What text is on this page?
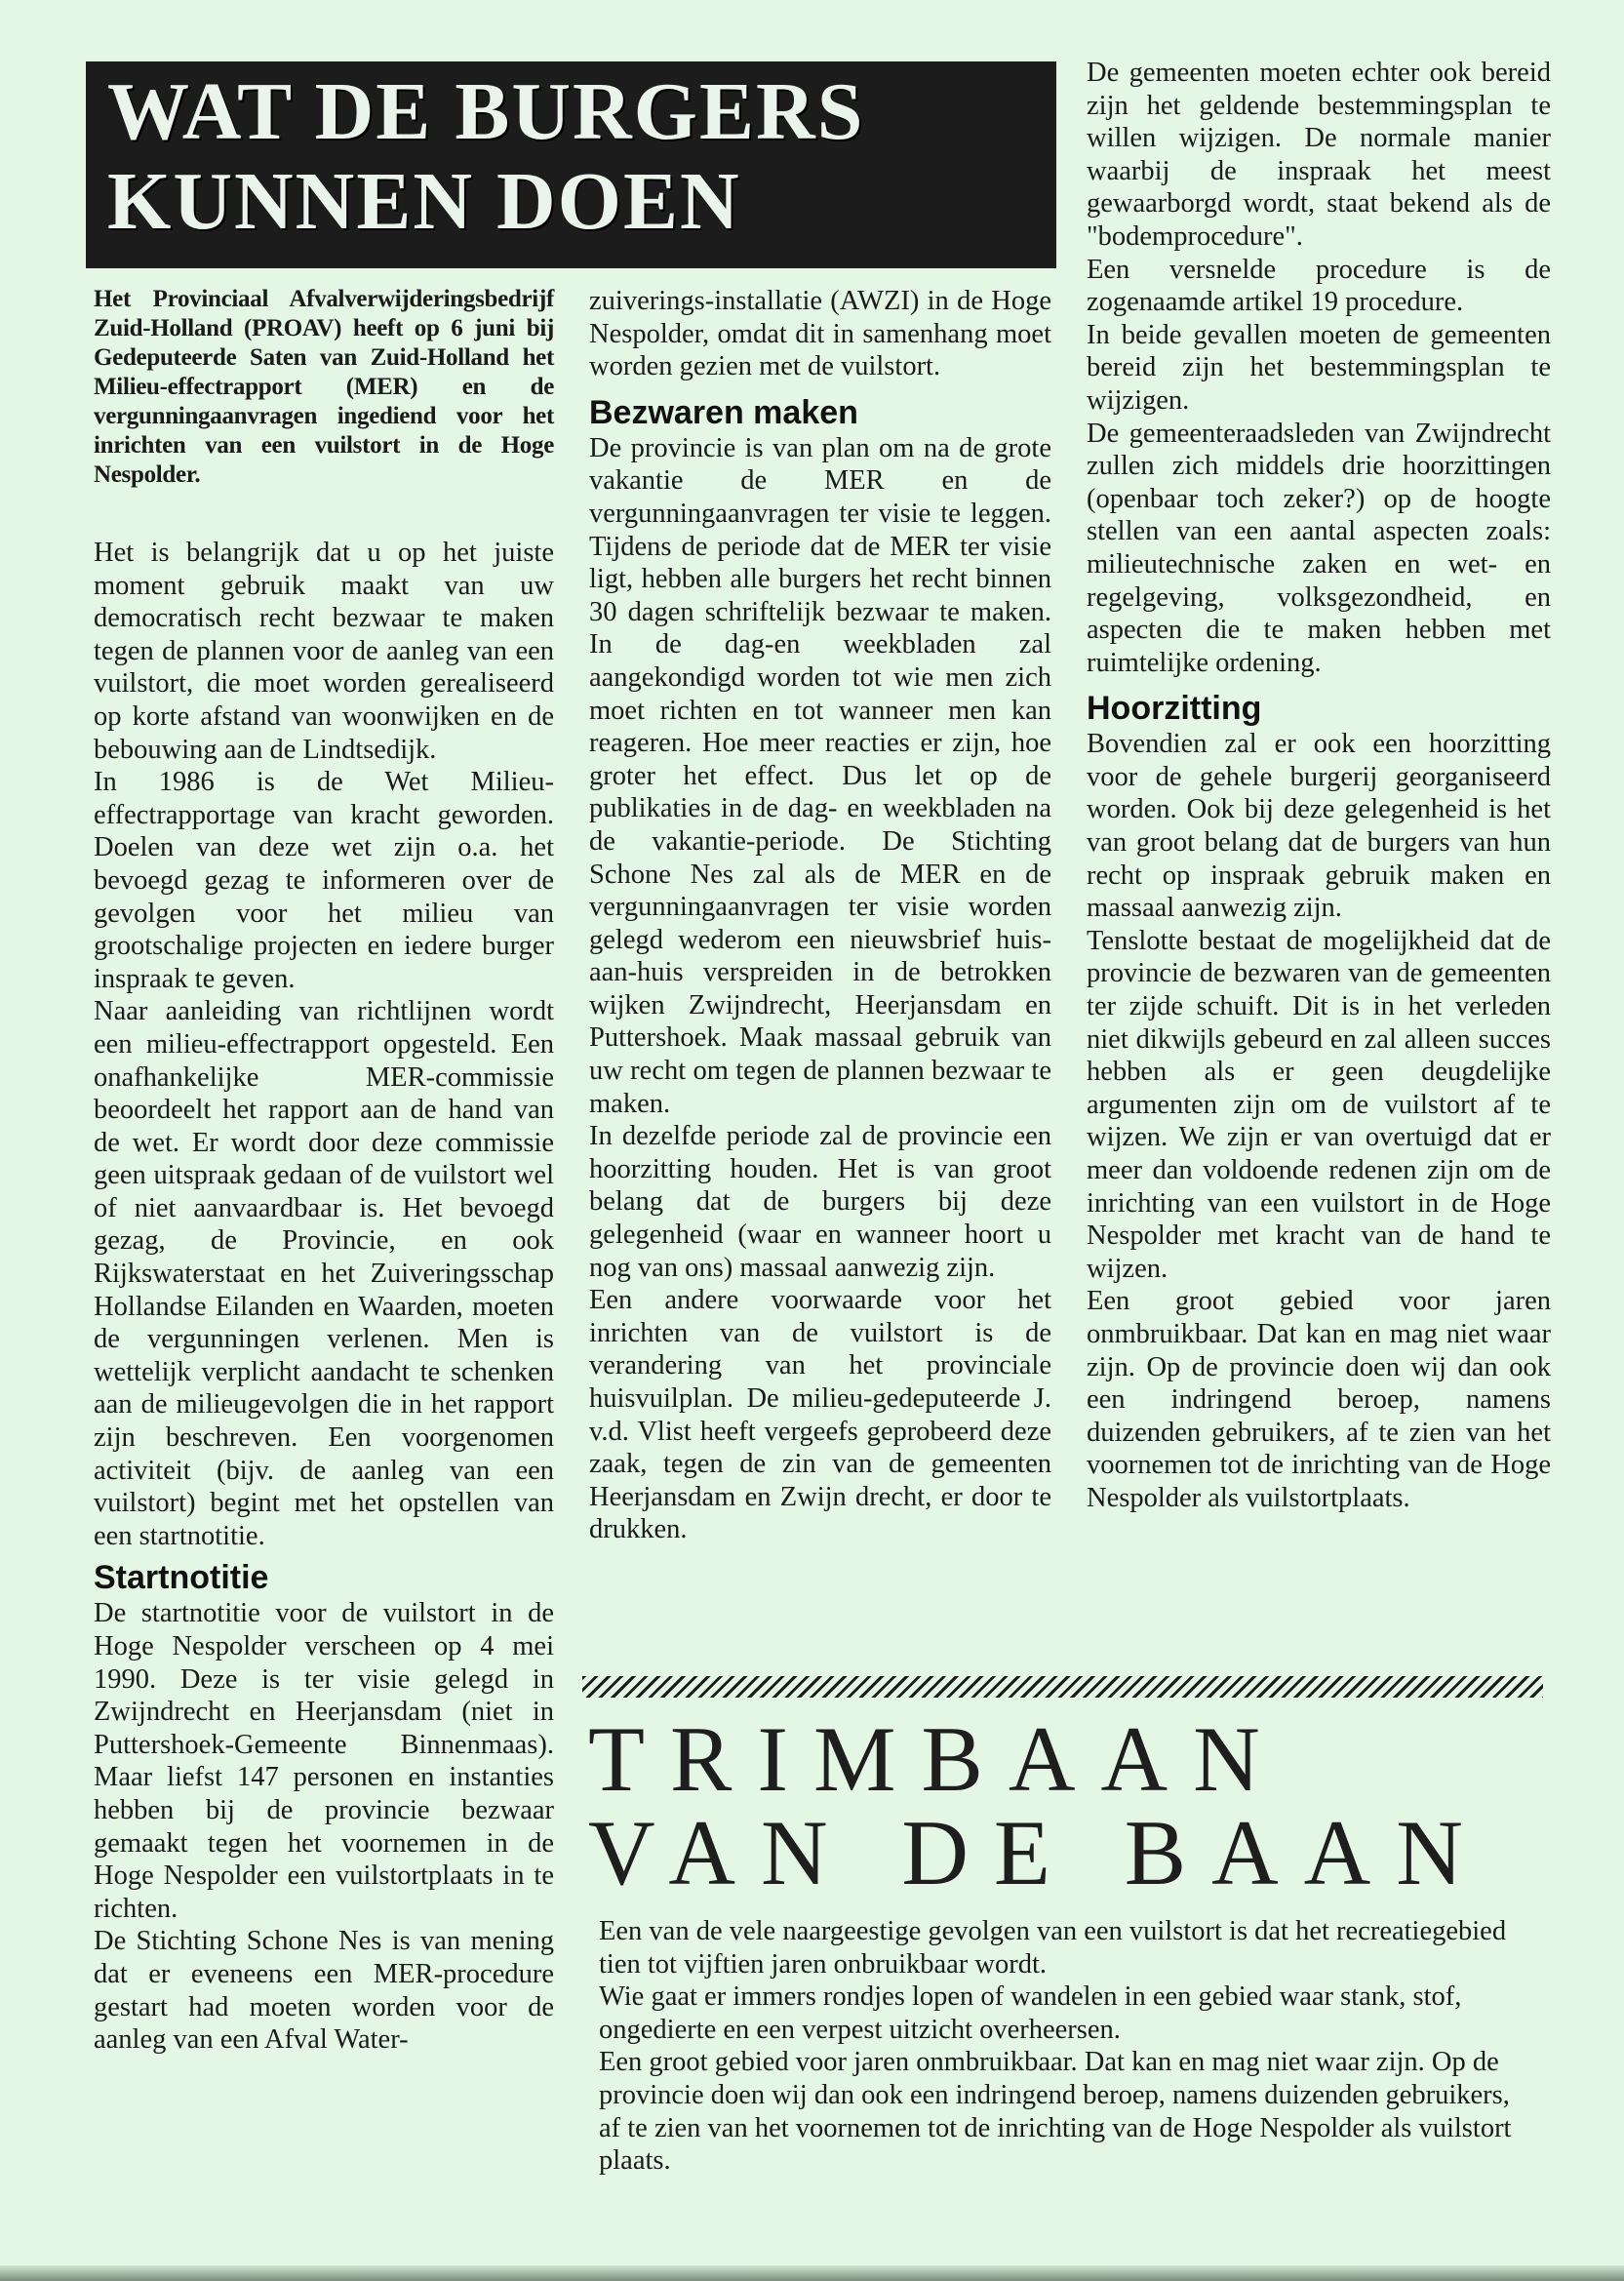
WAT DE BURGERS
KUNNEN DOEN

Het Provinciaal Afvalverwijderingsbedrijf Zuid-Holland (PROAV) heeft op 6 juni bij Gedeputeerde Saten van Zuid-Holland het Milieu-effectrapport (MER) en de vergunningaanvragen ingediend voor het inrichten van een vuilstort in de Hoge Nespolder.

Het is belangrijk dat u op het juiste moment gebruik maakt van uw democratisch recht bezwaar te maken tegen de plannen voor de aanleg van een vuilstort, die moet worden gerealiseerd op korte afstand van woonwijken en de bebouwing aan de Lindtsedijk.

In 1986 is de Wet Milieu-effectrapportage van kracht geworden. Doelen van deze wet zijn o.a. het bevoegd gezag te informeren over de gevolgen voor het milieu van grootschalige projecten en iedere burger inspraak te geven.

Naar aanleiding van richtlijnen wordt een milieu-effectrapport opgesteld. Een onafhankelijke MER-commissie beoordeelt het rapport aan de hand van de wet. Er wordt door deze commissie geen uitspraak gedaan of de vuilstort wel of niet aanvaardbaar is. Het bevoegd gezag, de Provincie, en ook Rijkswaterstaat en het Zuiveringsschap Hollandse Eilanden en Waarden, moeten de vergunningen verlenen. Men is wettelijk verplicht aandacht te schenken aan de milieugevolgen die in het rapport zijn beschreven. Een voorgenomen activiteit (bijv. de aanleg van een vuilstort) begint met het opstellen van een startnotitie.

Startnotitie

De startnotitie voor de vuilstort in de Hoge Nespolder verscheen op 4 mei 1990. Deze is ter visie gelegd in Zwijndrecht en Heerjansdam (niet in Puttershoek-Gemeente Binnenmaas). Maar liefst 147 personen en instanties hebben bij de provincie bezwaar gemaakt tegen het voornemen in de Hoge Nespolder een vuilstortplaats in te richten.

De Stichting Schone Nes is van mening dat er eveneens een MER-procedure gestart had moeten worden voor de aanleg van een Afval Water-

zuiverings-installatie (AWZI) in de Hoge Nespolder, omdat dit in samenhang moet worden gezien met de vuilstort.

Bezwaren maken

De provincie is van plan om na de grote vakantie de MER en de vergunningaanvragen ter visie te leggen. Tijdens de periode dat de MER ter visie ligt, hebben alle burgers het recht binnen 30 dagen schriftelijk bezwaar te maken. In de dag-en weekbladen zal aangekondigd worden tot wie men zich moet richten en tot wanneer men kan reageren. Hoe meer reacties er zijn, hoe groter het effect. Dus let op de publikaties in de dag- en weekbladen na de vakantie-periode. De Stichting Schone Nes zal als de MER en de vergunningaanvragen ter visie worden gelegd wederom een nieuwsbrief huis-aan-huis verspreiden in de betrokken wijken Zwijndrecht, Heerjansdam en Puttershoek. Maak massaal gebruik van uw recht om tegen de plannen bezwaar te maken.

In dezelfde periode zal de provincie een hoorzitting houden. Het is van groot belang dat de burgers bij deze gelegenheid (waar en wanneer hoort u nog van ons) massaal aanwezig zijn.

Een andere voorwaarde voor het inrichten van de vuilstort is de verandering van het provinciale huisvuilplan. De milieu-gedeputeerde J. v.d. Vlist heeft vergeefs geprobeerd deze zaak, tegen de zin van de gemeenten Heerjansdam en Zwijn drecht, er door te drukken.

De gemeenten moeten echter ook bereid zijn het geldende bestemmingsplan te willen wijzigen. De normale manier waarbij de inspraak het meest gewaarborgd wordt, staat bekend als de "bodemprocedure".

Een versnelde procedure is de zogenaamde artikel 19 procedure.

In beide gevallen moeten de gemeenten bereid zijn het bestemmingsplan te wijzigen.

De gemeenteraadsleden van Zwijndrecht zullen zich middels drie hoorzittingen (openbaar toch zeker?) op de hoogte stellen van een aantal aspecten zoals: milieutechnische zaken en wet- en regelgeving, volksgezondheid, en aspecten die te maken hebben met ruimtelijke ordening.

Hoorzitting

Bovendien zal er ook een hoorzitting voor de gehele burgerij georganiseerd worden. Ook bij deze gelegenheid is het van groot belang dat de burgers van hun recht op inspraak gebruik maken en massaal aanwezig zijn.

Tenslotte bestaat de mogelijkheid dat de provincie de bezwaren van de gemeenten ter zijde schuift. Dit is in het verleden niet dikwijls gebeurd en zal alleen succes hebben als er geen deugdelijke argumenten zijn om de vuilstort af te wijzen. We zijn er van overtuigd dat er meer dan voldoende redenen zijn om de inrichting van een vuilstort in de Hoge Nespolder met kracht van de hand te wijzen.

Een groot gebied voor jaren onmbruikbaar. Dat kan en mag niet waar zijn. Op de provincie doen wij dan ook een indringend beroep, namens duizenden gebruikers, af te zien van het voornemen tot de inrichting van de Hoge Nespolder als vuilstortplaats.

TRIMBAAN
VAN DE BAAN

Een van de vele naargeestige gevolgen van een vuilstort is dat het recreatiegebied tien tot vijftien jaren onbruikbaar wordt.

Wie gaat er immers rondjes lopen of wandelen in een gebied waar stank, stof, ongedierte en een verpest uitzicht overheersen.

Een groot gebied voor jaren onmbruikbaar. Dat kan en mag niet waar zijn. Op de provincie doen wij dan ook een indringend beroep, namens duizenden gebruikers, af te zien van het voornemen tot de inrichting van de Hoge Nespolder als vuilstort plaats.
